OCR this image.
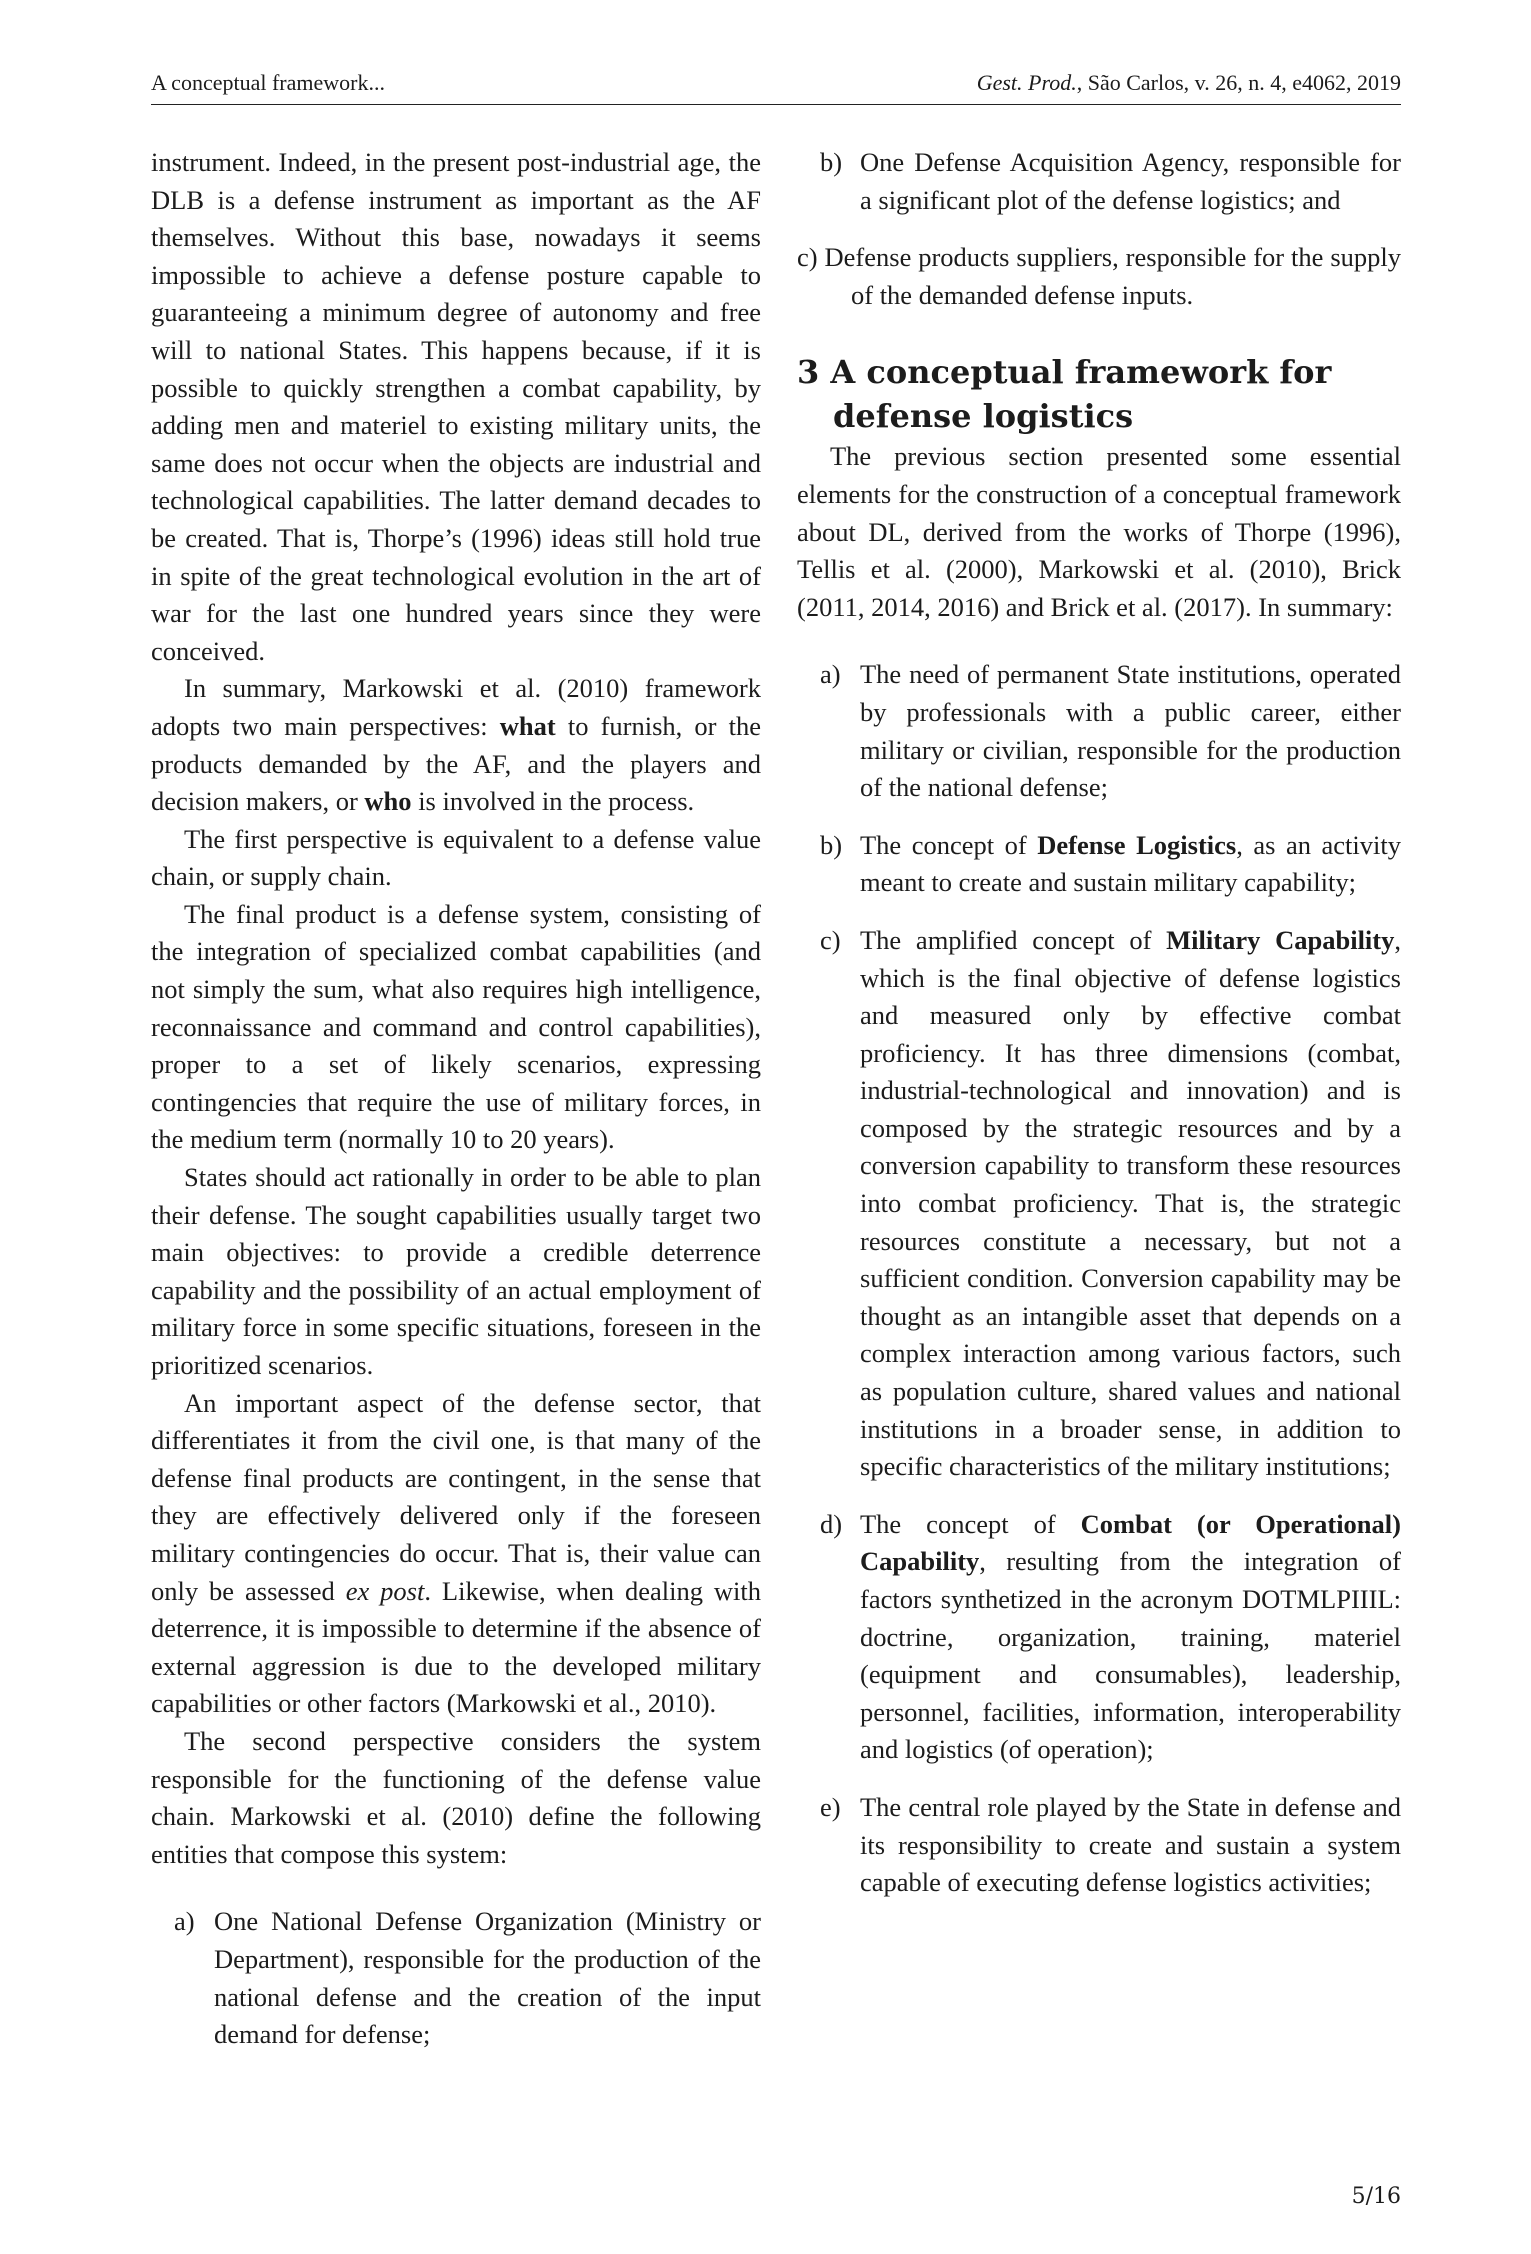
A conceptual framework...	Gest. Prod., São Carlos, v. 26, n. 4, e4062, 2019

instrument. Indeed, in the present post-industrial age, the DLB is a defense instrument as important as the AF themselves. Without this base, nowadays it seems impossible to achieve a defense posture capable to guaranteeing a minimum degree of autonomy and free will to national States. This happens because, if it is possible to quickly strengthen a combat capability, by adding men and materiel to existing military units, the same does not occur when the objects are industrial and technological capabilities. The latter demand decades to be created. That is, Thorpe’s (1996) ideas still hold true in spite of the great technological evolution in the art of war for the last one hundred years since they were conceived.

In summary, Markowski et al. (2010) framework adopts two main perspectives: what to furnish, or the products demanded by the AF, and the players and decision makers, or who is involved in the process.

The first perspective is equivalent to a defense value chain, or supply chain.

The final product is a defense system, consisting of the integration of specialized combat capabilities (and not simply the sum, what also requires high intelligence, reconnaissance and command and control capabilities), proper to a set of likely scenarios, expressing contingencies that require the use of military forces, in the medium term (normally 10 to 20 years).

States should act rationally in order to be able to plan their defense. The sought capabilities usually target two main objectives: to provide a credible deterrence capability and the possibility of an actual employment of military force in some specific situations, foreseen in the prioritized scenarios.

An important aspect of the defense sector, that differentiates it from the civil one, is that many of the defense final products are contingent, in the sense that they are effectively delivered only if the foreseen military contingencies do occur. That is, their value can only be assessed ex post. Likewise, when dealing with deterrence, it is impossible to determine if the absence of external aggression is due to the developed military capabilities or other factors (Markowski et al., 2010).

The second perspective considers the system responsible for the functioning of the defense value chain. Markowski et al. (2010) define the following entities that compose this system:

a) One National Defense Organization (Ministry or Department), responsible for the production of the national defense and the creation of the input demand for defense;
b) One Defense Acquisition Agency, responsible for a significant plot of the defense logistics; and
c) Defense products suppliers, responsible for the supply of the demanded defense inputs.
3 A conceptual framework for defense logistics

The previous section presented some essential elements for the construction of a conceptual framework about DL, derived from the works of Thorpe (1996), Tellis et al. (2000), Markowski et al. (2010), Brick (2011, 2014, 2016) and Brick et al. (2017). In summary:

a) The need of permanent State institutions, operated by professionals with a public career, either military or civilian, responsible for the production of the national defense;
b) The concept of Defense Logistics, as an activity meant to create and sustain military capability;
c) The amplified concept of Military Capability, which is the final objective of defense logistics and measured only by effective combat proficiency. It has three dimensions (combat, industrial-technological and innovation) and is composed by the strategic resources and by a conversion capability to transform these resources into combat proficiency. That is, the strategic resources constitute a necessary, but not a sufficient condition. Conversion capability may be thought as an intangible asset that depends on a complex interaction among various factors, such as population culture, shared values and national institutions in a broader sense, in addition to specific characteristics of the military institutions;
d) The concept of Combat (or Operational) Capability, resulting from the integration of factors synthetized in the acronym DOTMLPIIIL: doctrine, organization, training, materiel (equipment and consumables), leadership, personnel, facilities, information, interoperability and logistics (of operation);
e) The central role played by the State in defense and its responsibility to create and sustain a system capable of executing defense logistics activities;
5/16
